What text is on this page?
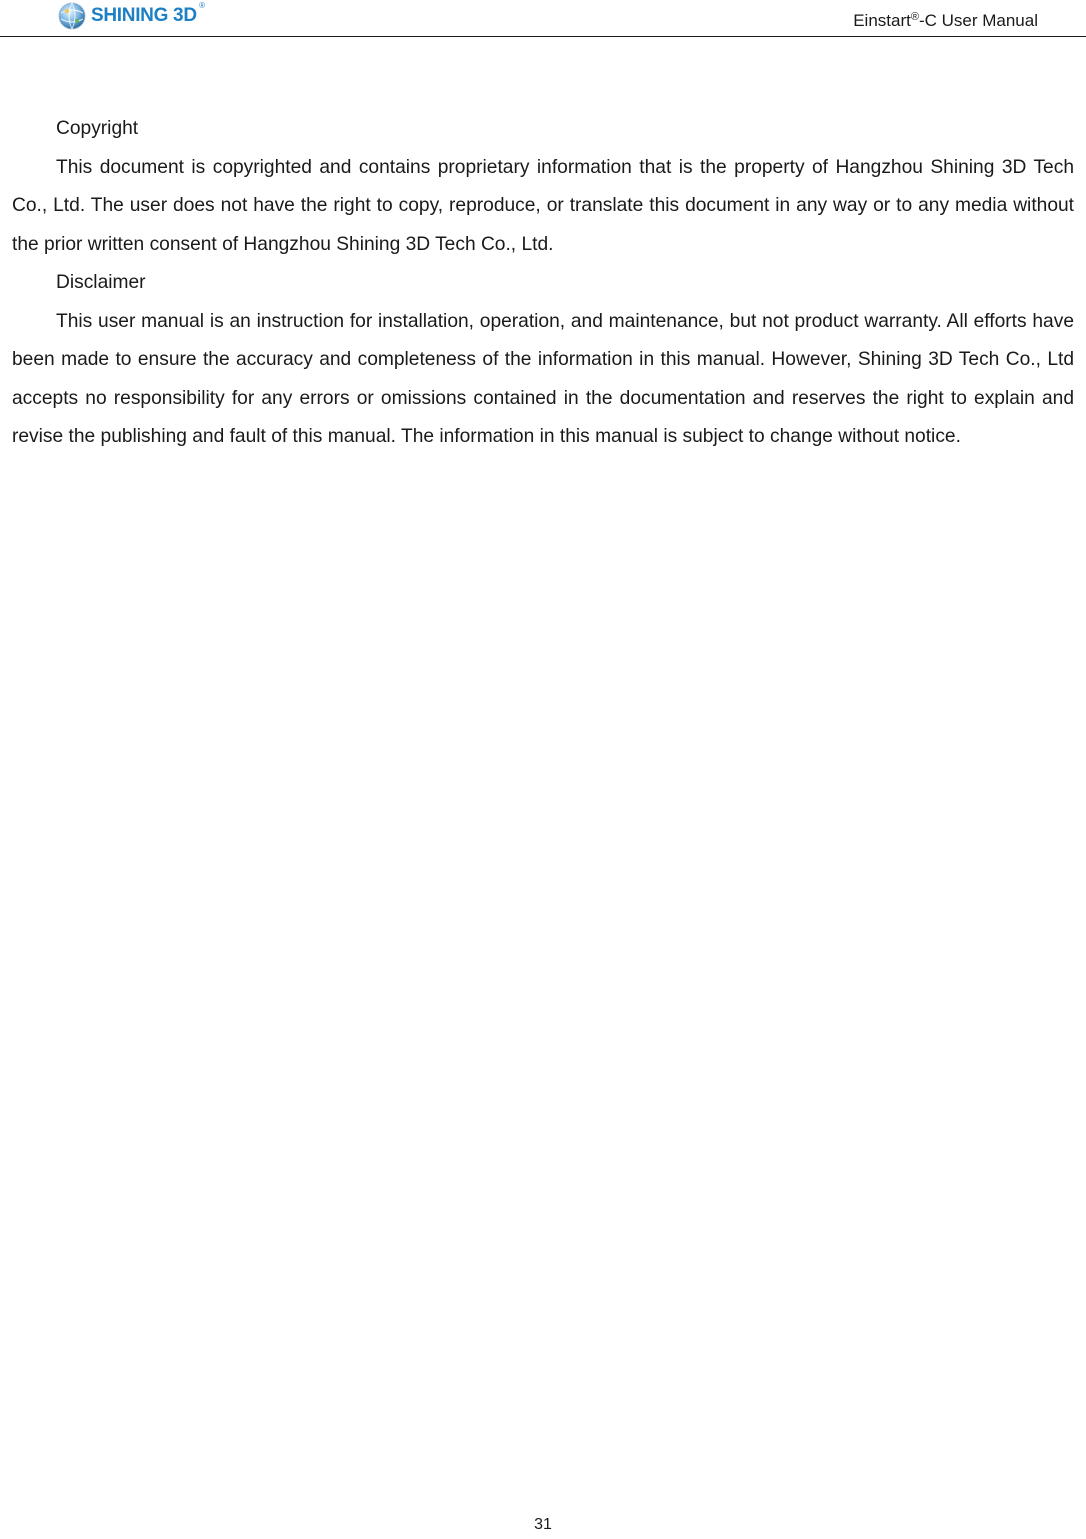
SHINING 3D ®
Einstart®-C User Manual

Copyright

This document is copyrighted and contains proprietary information that is the property of Hangzhou Shining 3D Tech Co., Ltd. The user does not have the right to copy, reproduce, or translate this document in any way or to any media without the prior written consent of Hangzhou Shining 3D Tech Co., Ltd.

Disclaimer

This user manual is an instruction for installation, operation, and maintenance, but not product warranty. All efforts have been made to ensure the accuracy and completeness of the information in this manual. However, Shining 3D Tech Co., Ltd accepts no responsibility for any errors or omissions contained in the documentation and reserves the right to explain and revise the publishing and fault of this manual. The information in this manual is subject to change without notice.

31
